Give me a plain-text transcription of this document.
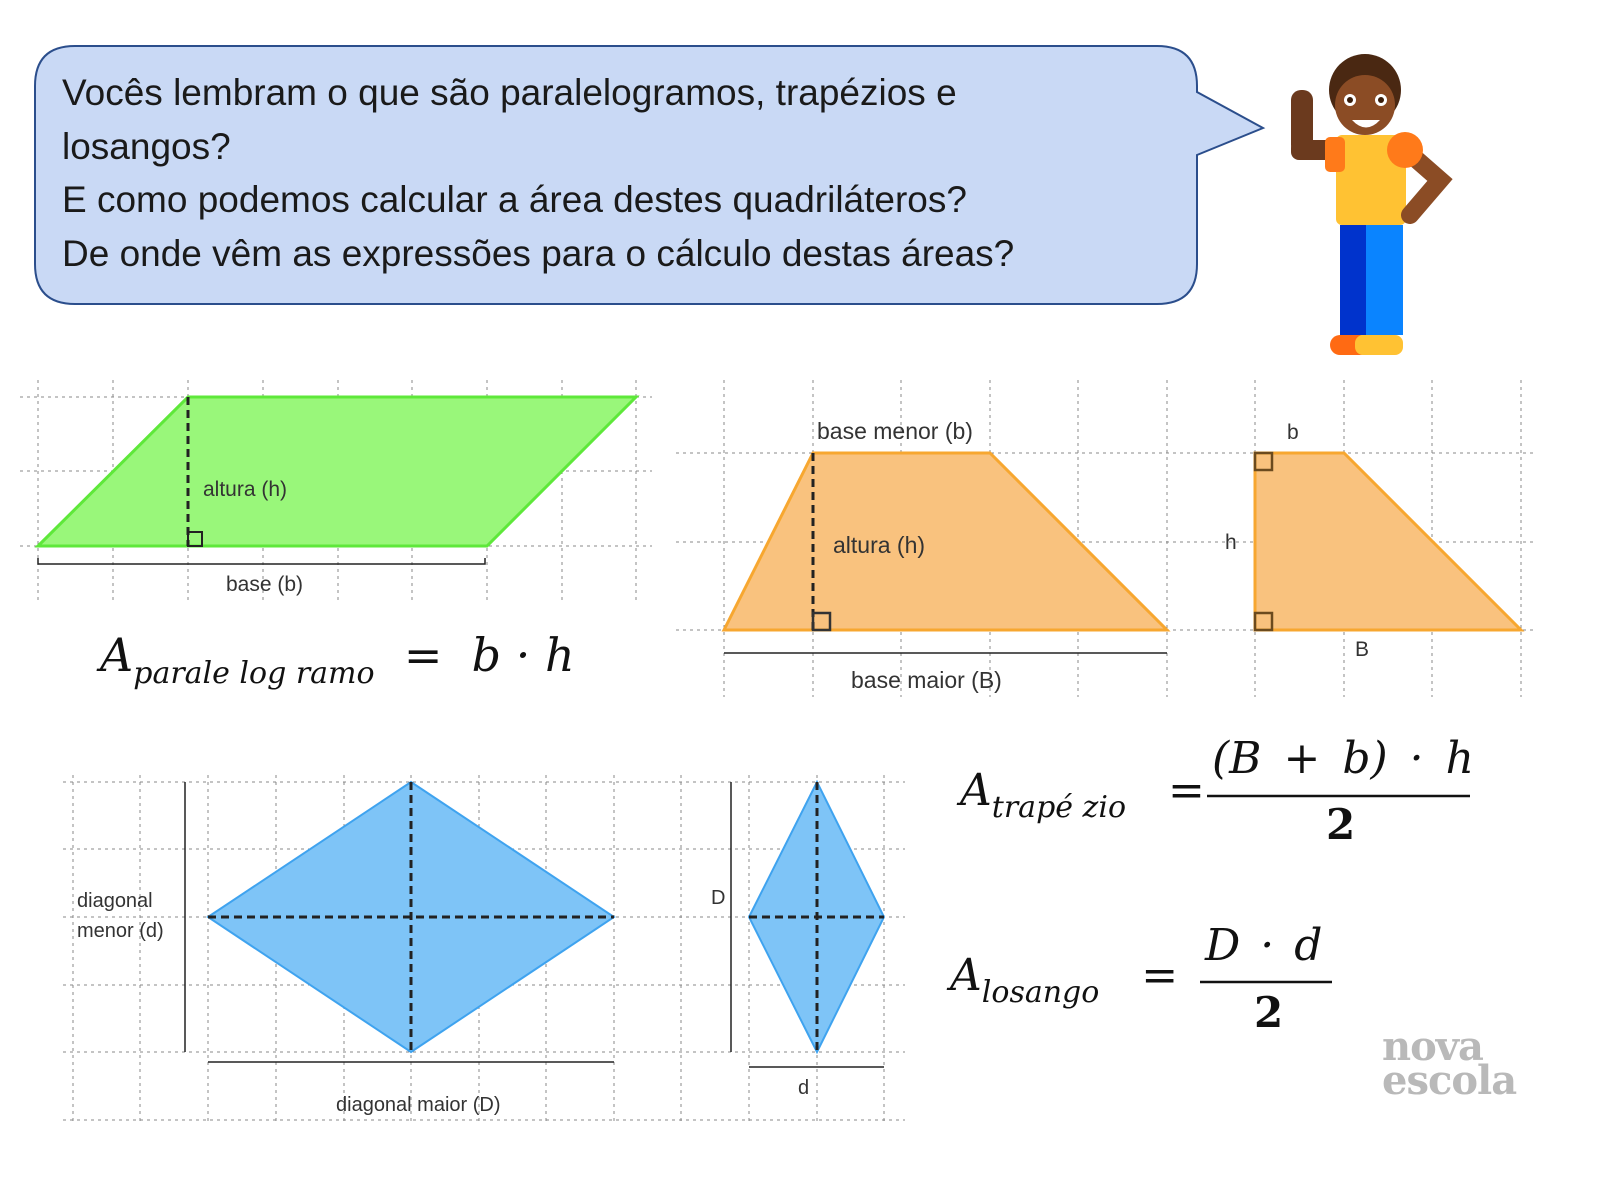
Vocês lembram o que são paralelogramos, trapézios e
losangos?
E como podemos calcular a área destes quadriláteros?
De onde vêm as expressões para o cálculo destas áreas?
altura (h)
base (b)
$A_{parale log ramo} = b \cdot h$
base menor (b)
altura (h)
base maior (B)
b
h
B
$A_{trapé zio}$ =
(B + b) · h
2
diagonal
menor (d)
diagonal maior (D)
D
d
$A_{losango}$ =
D · d
2
nova
escola
